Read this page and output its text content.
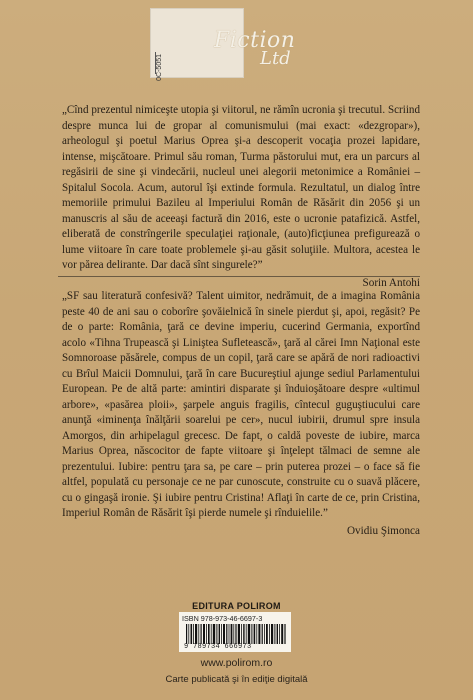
0C-5051
Fiction
Ltd
„Cînd prezentul nimiceşte utopia şi viitorul, ne rămîn ucronia şi trecutul. Scriind despre munca lui de gropar al comunismului (mai exact: «dezgropar»), arheologul şi poetul Marius Oprea şi-a descoperit vocaţia prozei lapidare, intense, mişcătoare. Primul său roman, Turma păstorului mut, era un parcurs al regăsirii de sine şi vindecării, nucleul unei alegorii metonimice a României – Spitalul Socola. Acum, autorul îşi extinde formula. Rezultatul, un dialog între memoriile primului Bazileu al Imperiului Român de Răsărit din 2056 şi un manuscris al său de aceeaşi factură din 2016, este o ucronie patafizică. Astfel, eliberată de constrîngerile speculaţiei raţionale, (auto)ficţiunea prefigurează o lume viitoare în care toate problemele şi-au găsit soluţiile. Multora, acestea le vor părea delirante. Dar dacă sînt singurele?”
Sorin Antohi
„SF sau literatură confesivă? Talent uimitor, nedrămuit, de a imagina România peste 40 de ani sau o coborîre şovăielnică în sinele pierdut şi, apoi, regăsit? Pe de o parte: România, ţară ce devine imperiu, cucerind Germania, exportînd acolo «Tihna Trupească şi Liniştea Sufletească», ţară al cărei Imn Naţional este Somnoroase păsărele, compus de un copil, ţară care se apără de nori radioactivi cu Brîul Maicii Domnului, ţară în care Bucureştiul ajunge sediul Parlamentului European. Pe de altă parte: amintiri disparate şi înduioşătoare despre «ultimul arbore», «pasărea ploii», şarpele anguis fragilis, cîntecul guguştiucului care anunţă «iminenţa înălţării soarelui pe cer», nucul iubirii, drumul spre insula Amorgos, din arhipelagul grecesc. De fapt, o caldă poveste de iubire, marca Marius Oprea, născocitor de fapte viitoare şi înţelept tălmaci de semne ale prezentului. Iubire: pentru ţara sa, pe care – prin puterea prozei – o face să fie altfel, populată cu personaje ce ne par cunoscute, construite cu o suavă plăcere, cu o gingaşă ironie. Şi iubire pentru Cristina! Aflaţi în carte de ce, prin Cristina, Imperiul Român de Răsărit îşi pierde numele şi rînduielile.”
Ovidiu Şimonca
EDITURA POLIROM
ISBN 978-973-46-6697-3
9 789734 666973
www.polirom.ro
Carte publicată şi în ediţie digitală
